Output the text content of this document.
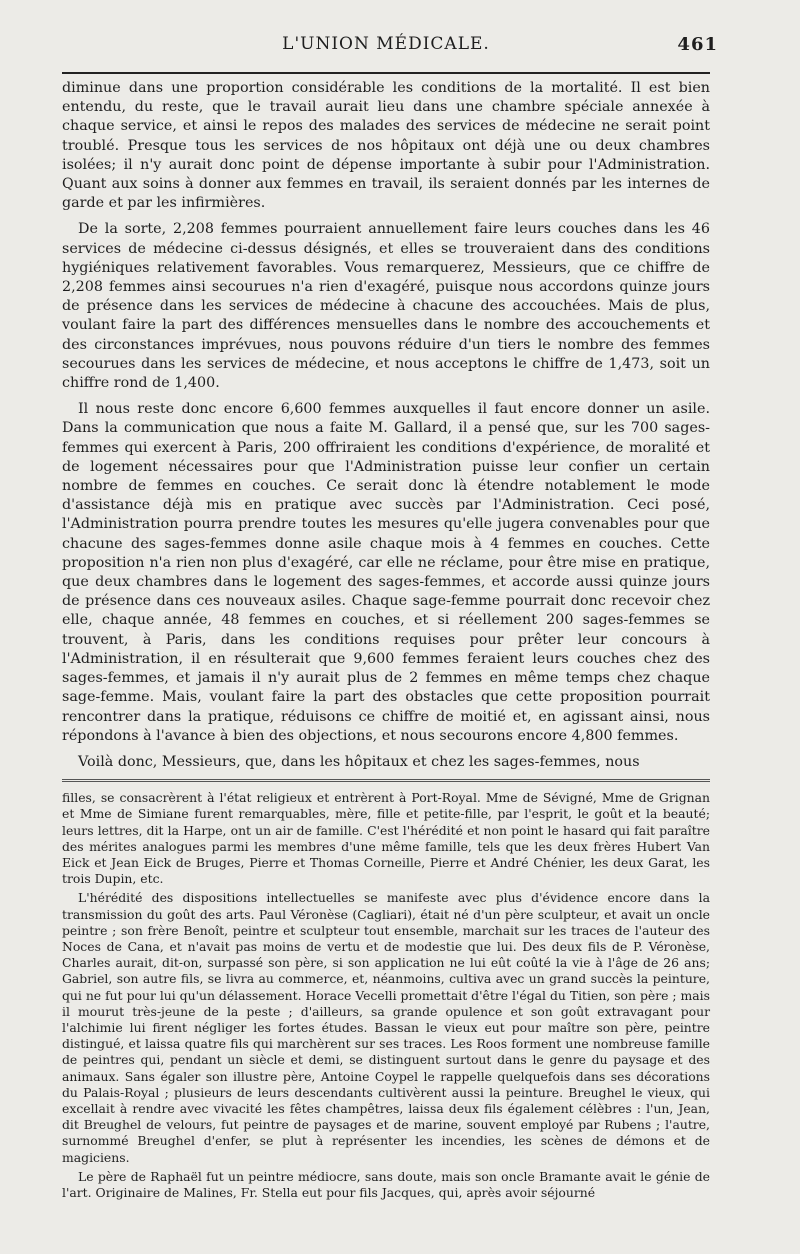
L'UNION MÉDICALE.	461

diminue dans une proportion considérable les conditions de la mortalité. Il est bien entendu, du reste, que le travail aurait lieu dans une chambre spéciale annexée à chaque service, et ainsi le repos des malades des services de médecine ne serait point troublé. Presque tous les services de nos hôpitaux ont déjà une ou deux chambres isolées; il n'y aurait donc point de dépense importante à subir pour l'Administration. Quant aux soins à donner aux femmes en travail, ils seraient donnés par les internes de garde et par les infirmières.

De la sorte, 2,208 femmes pourraient annuellement faire leurs couches dans les 46 services de médecine ci-dessus désignés, et elles se trouveraient dans des conditions hygiéniques relativement favorables. Vous remarquerez, Messieurs, que ce chiffre de 2,208 femmes ainsi secourues n'a rien d'exagéré, puisque nous accordons quinze jours de présence dans les services de médecine à chacune des accouchées. Mais de plus, voulant faire la part des différences mensuelles dans le nombre des accouchements et des circonstances imprévues, nous pouvons réduire d'un tiers le nombre des femmes secourues dans les services de médecine, et nous acceptons le chiffre de 1,473, soit un chiffre rond de 1,400.

Il nous reste donc encore 6,600 femmes auxquelles il faut encore donner un asile. Dans la communication que nous a faite M. Gallard, il a pensé que, sur les 700 sages-femmes qui exercent à Paris, 200 offriraient les conditions d'expérience, de moralité et de logement nécessaires pour que l'Administration puisse leur confier un certain nombre de femmes en couches. Ce serait donc là étendre notablement le mode d'assistance déjà mis en pratique avec succès par l'Administration. Ceci posé, l'Administration pourra prendre toutes les mesures qu'elle jugera convenables pour que chacune des sages-femmes donne asile chaque mois à 4 femmes en couches. Cette proposition n'a rien non plus d'exagéré, car elle ne réclame, pour être mise en pratique, que deux chambres dans le logement des sages-femmes, et accorde aussi quinze jours de présence dans ces nouveaux asiles. Chaque sage-femme pourrait donc recevoir chez elle, chaque année, 48 femmes en couches, et si réellement 200 sages-femmes se trouvent, à Paris, dans les conditions requises pour prêter leur concours à l'Administration, il en résulterait que 9,600 femmes feraient leurs couches chez des sages-femmes, et jamais il n'y aurait plus de 2 femmes en même temps chez chaque sage-femme. Mais, voulant faire la part des obstacles que cette proposition pourrait rencontrer dans la pratique, réduisons ce chiffre de moitié et, en agissant ainsi, nous répondons à l'avance à bien des objections, et nous secourons encore 4,800 femmes.

Voilà donc, Messieurs, que, dans les hôpitaux et chez les sages-femmes, nous

filles, se consacrèrent à l'état religieux et entrèrent à Port-Royal. Mme de Sévigné, Mme de Grignan et Mme de Simiane furent remarquables, mère, fille et petite-fille, par l'esprit, le goût et la beauté; leurs lettres, dit la Harpe, ont un air de famille. C'est l'hérédité et non point le hasard qui fait paraître des mérites analogues parmi les membres d'une même famille, tels que les deux frères Hubert Van Eick et Jean Eick de Bruges, Pierre et Thomas Corneille, Pierre et André Chénier, les deux Garat, les trois Dupin, etc.

L'hérédité des dispositions intellectuelles se manifeste avec plus d'évidence encore dans la transmission du goût des arts. Paul Véronèse (Cagliari), était né d'un père sculpteur, et avait un oncle peintre ; son frère Benoît, peintre et sculpteur tout ensemble, marchait sur les traces de l'auteur des Noces de Cana, et n'avait pas moins de vertu et de modestie que lui. Des deux fils de P. Véronèse, Charles aurait, dit-on, surpassé son père, si son application ne lui eût coûté la vie à l'âge de 26 ans; Gabriel, son autre fils, se livra au commerce, et, néanmoins, cultiva avec un grand succès la peinture, qui ne fut pour lui qu'un délassement. Horace Vecelli promettait d'être l'égal du Titien, son père ; mais il mourut très-jeune de la peste ; d'ailleurs, sa grande opulence et son goût extravagant pour l'alchimie lui firent négliger les fortes études. Bassan le vieux eut pour maître son père, peintre distingué, et laissa quatre fils qui marchèrent sur ses traces. Les Roos forment une nombreuse famille de peintres qui, pendant un siècle et demi, se distinguent surtout dans le genre du paysage et des animaux. Sans égaler son illustre père, Antoine Coypel le rappelle quelquefois dans ses décorations du Palais-Royal ; plusieurs de leurs descendants cultivèrent aussi la peinture. Breughel le vieux, qui excellait à rendre avec vivacité les fêtes champêtres, laissa deux fils également célèbres : l'un, Jean, dit Breughel de velours, fut peintre de paysages et de marine, souvent employé par Rubens ; l'autre, surnommé Breughel d'enfer, se plut à représenter les incendies, les scènes de démons et de magiciens.

Le père de Raphaël fut un peintre médiocre, sans doute, mais son oncle Bramante avait le génie de l'art. Originaire de Malines, Fr. Stella eut pour fils Jacques, qui, après avoir séjourné
